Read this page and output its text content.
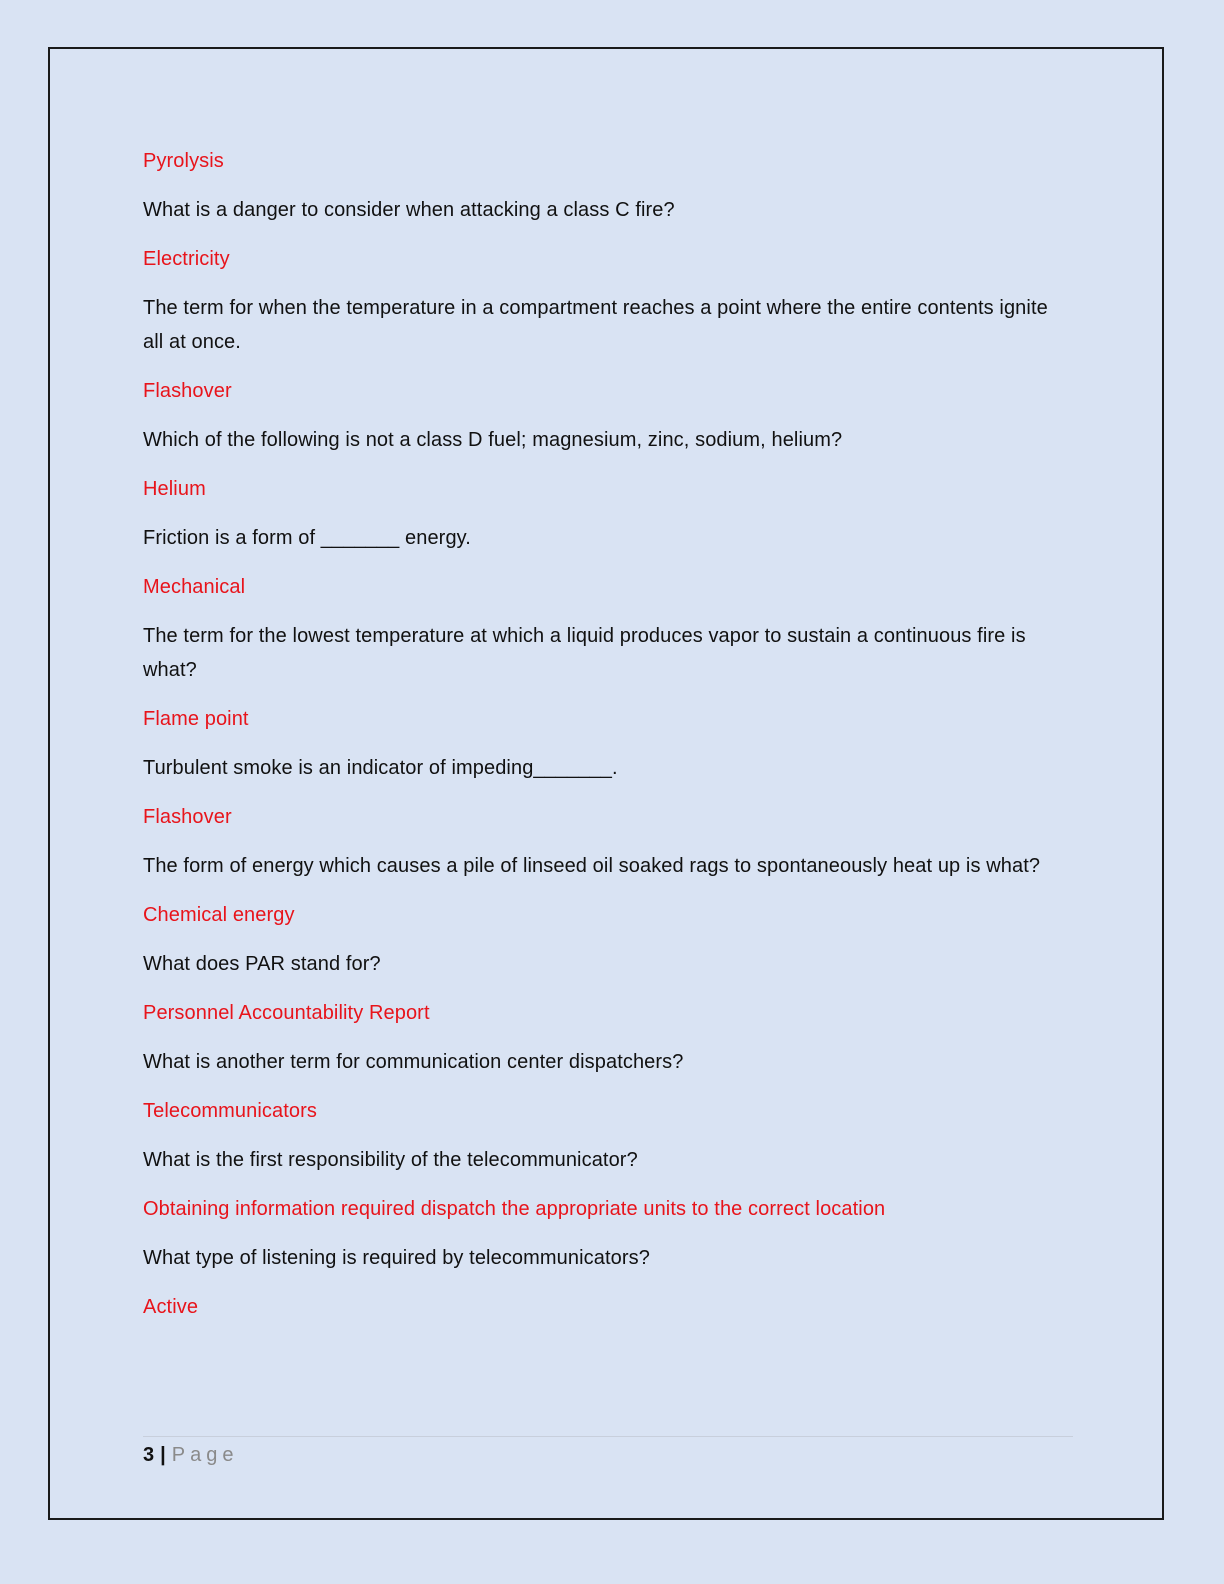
Pyrolysis

What is a danger to consider when attacking a class C fire?

Electricity

The term for when the temperature in a compartment reaches a point where the entire contents ignite all at once.

Flashover

Which of the following is not a class D fuel; magnesium, zinc, sodium, helium?

Helium

Friction is a form of _______ energy.

Mechanical

The term for the lowest temperature at which a liquid produces vapor to sustain a continuous fire is what?

Flame point

Turbulent smoke is an indicator of impeding_______.

Flashover

The form of energy which causes a pile of linseed oil soaked rags to spontaneously heat up is what?

Chemical energy

What does PAR stand for?

Personnel Accountability Report

What is another term for communication center dispatchers?

Telecommunicators

What is the first responsibility of the telecommunicator?

Obtaining information required dispatch the appropriate units to the correct location

What type of listening is required by telecommunicators?

Active

3 | Page
